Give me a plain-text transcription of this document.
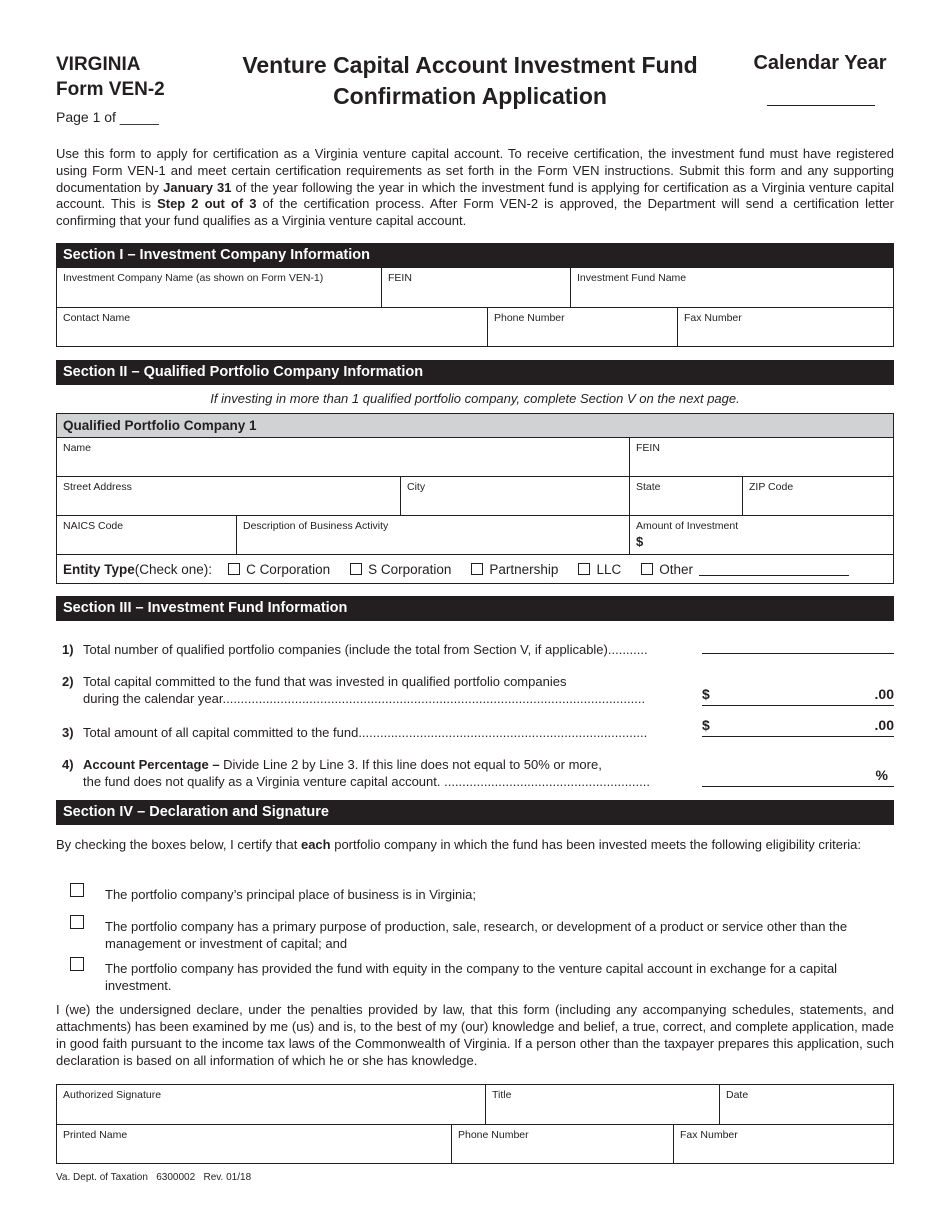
VIRGINIA
Form VEN-2
Page 1 of _____
Venture Capital Account Investment Fund
Confirmation Application
Calendar Year
Use this form to apply for certification as a Virginia venture capital account. To receive certification, the investment fund must have registered using Form VEN-1 and meet certain certification requirements as set forth in the Form VEN instructions. Submit this form and any supporting documentation by January 31 of the year following the year in which the investment fund is applying for certification as a Virginia venture capital account. This is Step 2 out of 3 of the certification process. After Form VEN-2 is approved, the Department will send a certification letter confirming that your fund qualifies as a Virginia venture capital account.
Section I – Investment Company Information
Investment Company Name (as shown on Form VEN-1)	FEIN	Investment Fund Name
Contact Name	Phone Number	Fax Number
Section II – Qualified Portfolio Company Information
If investing in more than 1 qualified portfolio company, complete Section V on the next page.
Qualified Portfolio Company 1
Name	FEIN
Street Address	City	State	ZIP Code
NAICS Code	Description of Business Activity	Amount of Investment
$
Entity Type (Check one):	C Corporation	S Corporation	Partnership	LLC	Other
Section III – Investment Fund Information
1) Total number of qualified portfolio companies (include the total from Section V, if applicable)...........
2) Total capital committed to the fund that was invested in qualified portfolio companies
during the calendar year.....................................................................................................................	$	.00
3) Total amount of all capital committed to the fund................................................................................	$	.00
4) Account Percentage – Divide Line 2 by Line 3. If this line does not equal to 50% or more,
the fund does not qualify as a Virginia venture capital account. .........................................................	%
Section IV – Declaration and Signature
By checking the boxes below, I certify that each portfolio company in which the fund has been invested meets the following eligibility criteria:
The portfolio company’s principal place of business is in Virginia;
The portfolio company has a primary purpose of production, sale, research, or development of a product or service other than the management or investment of capital; and
The portfolio company has provided the fund with equity in the company to the venture capital account in exchange for a capital investment.
I (we) the undersigned declare, under the penalties provided by law, that this form (including any accompanying schedules, statements, and attachments) has been examined by me (us) and is, to the best of my (our) knowledge and belief, a true, correct, and complete application, made in good faith pursuant to the income tax laws of the Commonwealth of Virginia. If a person other than the taxpayer prepares this application, such declaration is based on all information of which he or she has knowledge.
Authorized Signature	Title	Date
Printed Name	Phone Number	Fax Number
Va. Dept. of Taxation   6300002   Rev. 01/18
